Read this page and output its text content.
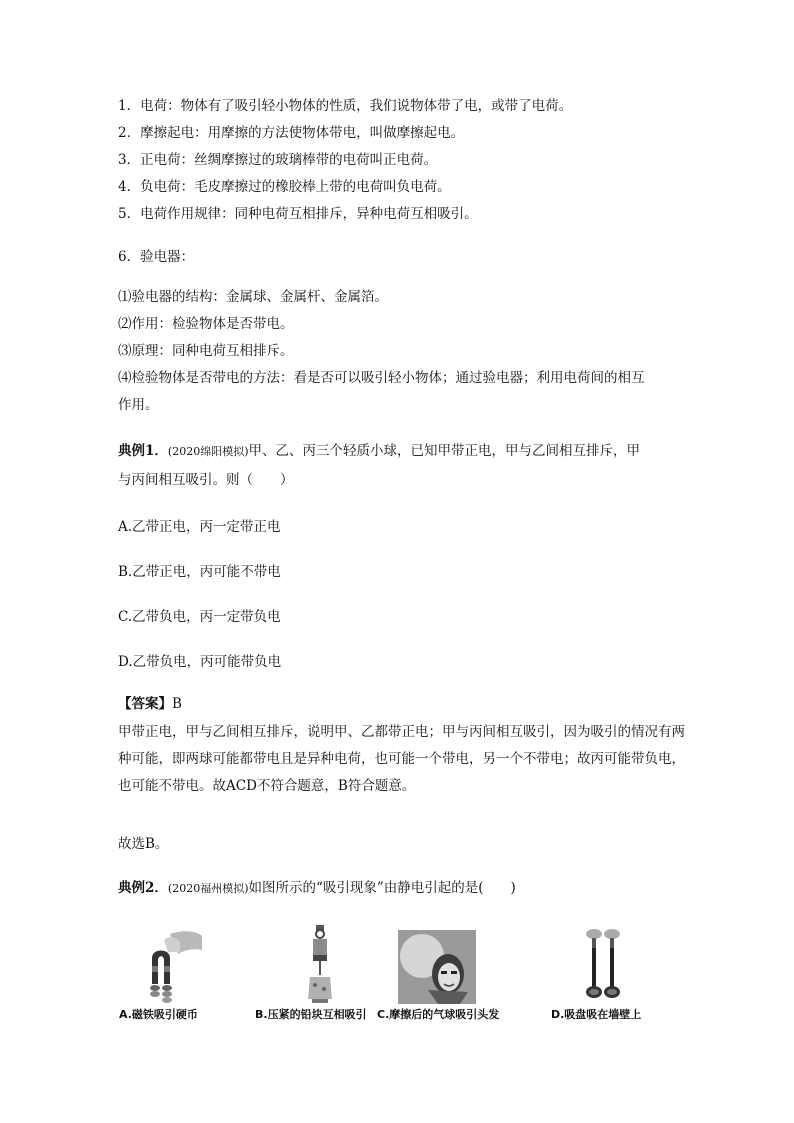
1．电荷：物体有了吸引轻小物体的性质，我们说物体带了电，或带了电荷。
2．摩擦起电：用摩擦的方法使物体带电，叫做摩擦起电。
3．正电荷：丝绸摩擦过的玻璃棒带的电荷叫正电荷。
4．负电荷：毛皮摩擦过的橡胶棒上带的电荷叫负电荷。
5．电荷作用规律：同种电荷互相排斥，异种电荷互相吸引。
6．验电器：
⑴验电器的结构：金属球、金属杆、金属箔。
⑵作用：检验物体是否带电。
⑶原理：同种电荷互相排斥。
⑷检验物体是否带电的方法：看是否可以吸引轻小物体；通过验电器；利用电荷间的相互
作用。
典例1．(2020绵阳模拟)甲、乙、丙三个轻质小球，已知甲带正电，甲与乙间相互排斥，甲
与丙间相互吸引。则（　　）
A.乙带正电，丙一定带正电
B.乙带正电，丙可能不带电
C.乙带负电，丙一定带负电
D.乙带负电，丙可能带负电
【答案】B
甲带正电，甲与乙间相互排斥，说明甲、乙都带正电；甲与丙间相互吸引，因为吸引的情况有两种可能，即两球可能都带电且是异种电荷，也可能一个带电，另一个不带电；故丙可能带负电，也可能不带电。故ACD不符合题意，B符合题意。
故选B。
典例2．(2020福州模拟)如图所示的“吸引现象”由静电引起的是(　　)
A.磁铁吸引硬币	B.压紧的铅块互相吸引 C.摩擦后的气球吸引头发	D.吸盘吸在墙壁上
